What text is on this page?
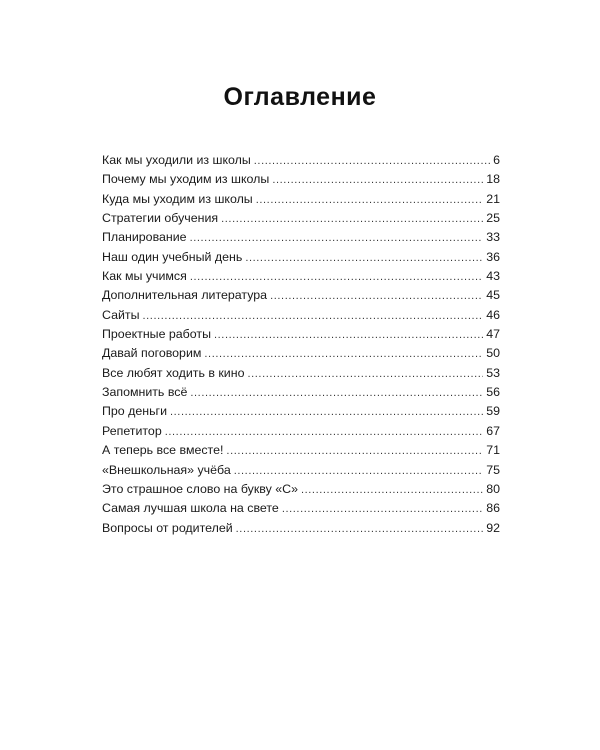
Оглавление
Как мы уходили из школы .....	6
Почему мы уходим из школы .....	18
Куда мы уходим из школы .....	21
Стратегии обучения .....	25
Планирование .....	33
Наш один учебный день .....	36
Как мы учимся .....	43
Дополнительная литература .....	45
Сайты .....	46
Проектные работы .....	47
Давай поговорим .....	50
Все любят ходить в кино .....	53
Запомнить всё .....	56
Про деньги .....	59
Репетитор .....	67
А теперь все вместе! .....	71
«Внешкольная» учёба .....	75
Это страшное слово на букву «С» .....	80
Самая лучшая школа на свете .....	86
Вопросы от родителей .....	92
